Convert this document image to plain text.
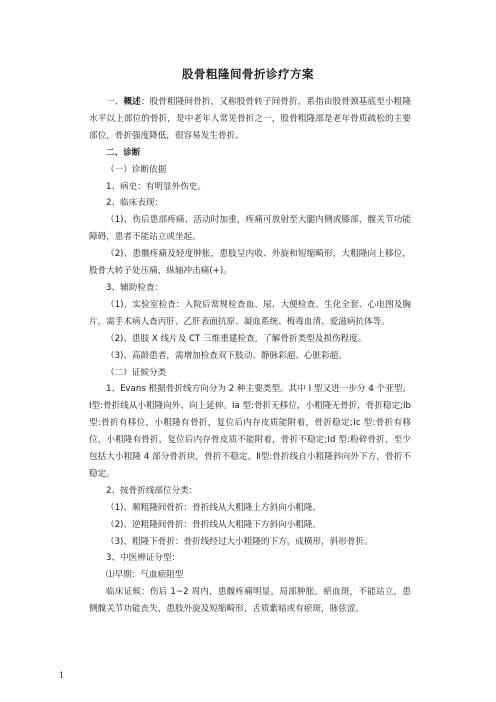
股骨粗隆间骨折诊疗方案

一、概述：股骨粗隆间骨折，又称股骨转子间骨折，系指由股骨颈基底至小粗隆水平以上部位的骨折，是中老年人常见骨折之一，股骨粗隆部是老年骨质疏松的主要部位，骨折强度降低，很容易发生骨折。

二、诊断

（一）诊断依据

1、病史：有明显外伤史。

2、临床表现：

（1)、伤后患部疼痛、活动时加重，疼痛可放射至大腿内侧或膝部，髋关节功能障碍，患者不能站立或坐起。

（2)、患髋疼痛及轻度肿胀，患肢呈内收、外旋和短缩畸形，大粗隆向上移位，股骨大转子处压痛，纵轴冲击痛(+)。

3、辅助检查：

（1)、实验室检查：入院后常规检查血、尿、大便检查、生化全套、心电图及胸片，需手术病人查丙肝、乙肝表面抗原、凝血系统、梅毒血清、爱滋病抗体等。

（2)、患肢 X 线片及 CT 三维重建检查，了解骨折类型及损伤程度。

（3)、高龄患者，需增加检查双下肢动、静脉彩超、心脏彩超。

（二）证候分类

1、Evans 根据骨折线方向分为 2 种主要类型。其中 Ⅰ 型又进一步分 4 个亚型。Ⅰ型:骨折线从小粗隆向外、向上延伸。Ⅰa 型:骨折无移位，小粗隆无骨折，骨折稳定;Ⅰb 型:骨折有移位，小粗隆有骨折，复位后内存皮质能附着，骨折稳定;Ⅰc 型:骨折有移位，小粗隆有骨折，复位后内存骨皮质不能附着，骨折不稳定;Ⅰd 型:粉碎骨折，至少包括大小粗隆 4 部分骨折块，骨折不稳定。Ⅱ型:骨折线自小粗隆斜向外下方，骨折不稳定。

2、按骨折线部位分类：

（1)、顺粗隆间骨折：骨折线从大粗隆上方斜向小粗隆。

（2)、逆粗隆间骨折：骨折线从大粗隆下方斜向小粗隆。

（3)、粗隆下骨折：骨折线经过大小粗隆的下方，成横形，斜形骨折。

3、中医辨证分型：

⑴早期：气血瘀阻型

临床证候：伤后 1~2 周内，患髋疼痛明显，局部肿胀，瘀血斑，不能站立，患侧髋关节功能丧失，患肢外旋及短缩畸形，舌质紫暗或有瘀斑，脉弦涩。

1
